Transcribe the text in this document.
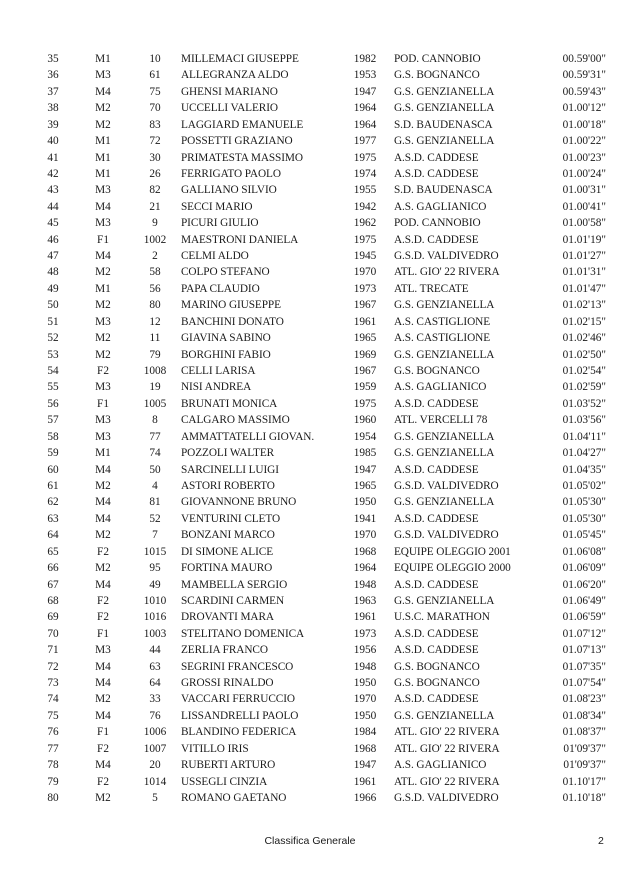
35	M1	10	MILLEMACI GIUSEPPE	1982	POD. CANNOBIO	00.59'00"
36	M3	61	ALLEGRANZA ALDO	1953	G.S. BOGNANCO	00.59'31"
37	M4	75	GHENSI MARIANO	1947	G.S. GENZIANELLA	00.59'43"
38	M2	70	UCCELLI VALERIO	1964	G.S. GENZIANELLA	01.00'12"
39	M2	83	LAGGIARD EMANUELE	1964	S.D. BAUDENASCA	01.00'18"
40	M1	72	POSSETTI GRAZIANO	1977	G.S. GENZIANELLA	01.00'22"
41	M1	30	PRIMATESTA MASSIMO	1975	A.S.D. CADDESE	01.00'23"
42	M1	26	FERRIGATO PAOLO	1974	A.S.D. CADDESE	01.00'24"
43	M3	82	GALLIANO SILVIO	1955	S.D. BAUDENASCA	01.00'31"
44	M4	21	SECCI MARIO	1942	A.S. GAGLIANICO	01.00'41"
45	M3	9	PICURI GIULIO	1962	POD. CANNOBIO	01.00'58"
46	F1	1002	MAESTRONI DANIELA	1975	A.S.D. CADDESE	01.01'19"
47	M4	2	CELMI ALDO	1945	G.S.D. VALDIVEDRO	01.01'27"
48	M2	58	COLPO STEFANO	1970	ATL. GIO' 22 RIVERA	01.01'31"
49	M1	56	PAPA CLAUDIO	1973	ATL. TRECATE	01.01'47"
50	M2	80	MARINO GIUSEPPE	1967	G.S. GENZIANELLA	01.02'13"
51	M3	12	BANCHINI DONATO	1961	A.S. CASTIGLIONE	01.02'15"
52	M2	11	GIAVINA SABINO	1965	A.S. CASTIGLIONE	01.02'46"
53	M2	79	BORGHINI FABIO	1969	G.S. GENZIANELLA	01.02'50"
54	F2	1008	CELLI LARISA	1967	G.S. BOGNANCO	01.02'54"
55	M3	19	NISI ANDREA	1959	A.S. GAGLIANICO	01.02'59"
56	F1	1005	BRUNATI MONICA	1975	A.S.D. CADDESE	01.03'52"
57	M3	8	CALGARO MASSIMO	1960	ATL. VERCELLI 78	01.03'56"
58	M3	77	AMMATTATELLI GIOVAN.	1954	G.S. GENZIANELLA	01.04'11"
59	M1	74	POZZOLI WALTER	1985	G.S. GENZIANELLA	01.04'27"
60	M4	50	SARCINELLI LUIGI	1947	A.S.D. CADDESE	01.04'35"
61	M2	4	ASTORI ROBERTO	1965	G.S.D. VALDIVEDRO	01.05'02"
62	M4	81	GIOVANNONE BRUNO	1950	G.S. GENZIANELLA	01.05'30"
63	M4	52	VENTURINI CLETO	1941	A.S.D. CADDESE	01.05'30"
64	M2	7	BONZANI MARCO	1970	G.S.D. VALDIVEDRO	01.05'45"
65	F2	1015	DI SIMONE ALICE	1968	EQUIPE OLEGGIO 2001	01.06'08"
66	M2	95	FORTINA MAURO	1964	EQUIPE OLEGGIO 2000	01.06'09"
67	M4	49	MAMBELLA SERGIO	1948	A.S.D. CADDESE	01.06'20"
68	F2	1010	SCARDINI CARMEN	1963	G.S. GENZIANELLA	01.06'49"
69	F2	1016	DROVANTI MARA	1961	U.S.C. MARATHON	01.06'59"
70	F1	1003	STELITANO DOMENICA	1973	A.S.D. CADDESE	01.07'12"
71	M3	44	ZERLIA FRANCO	1956	A.S.D. CADDESE	01.07'13"
72	M4	63	SEGRINI FRANCESCO	1948	G.S. BOGNANCO	01.07'35"
73	M4	64	GROSSI RINALDO	1950	G.S. BOGNANCO	01.07'54"
74	M2	33	VACCARI FERRUCCIO	1970	A.S.D. CADDESE	01.08'23"
75	M4	76	LISSANDRELLI PAOLO	1950	G.S. GENZIANELLA	01.08'34"
76	F1	1006	BLANDINO FEDERICA	1984	ATL. GIO' 22 RIVERA	01.08'37"
77	F2	1007	VITILLO IRIS	1968	ATL. GIO' 22 RIVERA	01'09'37"
78	M4	20	RUBERTI ARTURO	1947	A.S. GAGLIANICO	01'09'37"
79	F2	1014	USSEGLI CINZIA	1961	ATL. GIO' 22 RIVERA	01.10'17"
80	M2	5	ROMANO GAETANO	1966	G.S.D. VALDIVEDRO	01.10'18"
Classifica Generale	2
